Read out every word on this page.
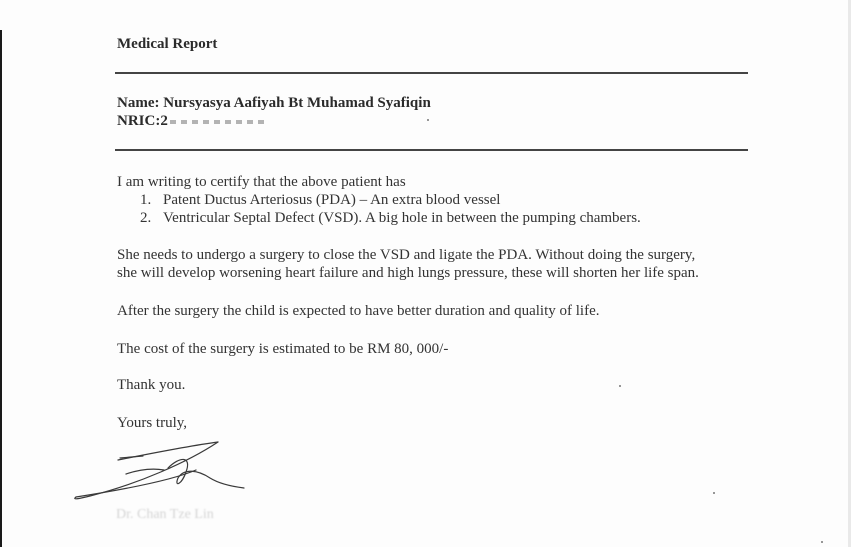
Medical Report
Name: Nursyasya Aafiyah Bt Muhamad Syafiqin
NRIC:2
I am writing to certify that the above patient has
1. Patent Ductus Arteriosus (PDA) – An extra blood vessel
2. Ventricular Septal Defect (VSD). A big hole in between the pumping chambers.
She needs to undergo a surgery to close the VSD and ligate the PDA. Without doing the surgery,
she will develop worsening heart failure and high lungs pressure, these will shorten her life span.
After the surgery the child is expected to have better duration and quality of life.
The cost of the surgery is estimated to be RM 80, 000/-
Thank you.
Yours truly,
Dr. Chan Tze Lin
